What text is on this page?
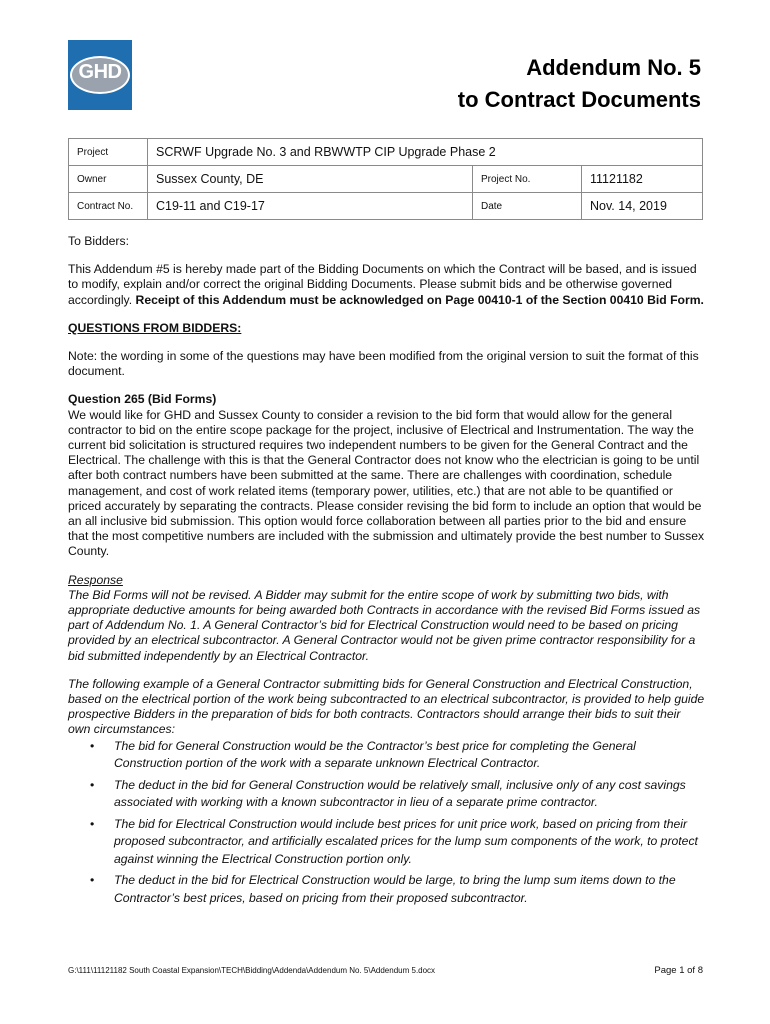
GHD	Addendum No. 5
to Contract Documents
Project	SCRWF Upgrade No. 3 and RBWWTP CIP Upgrade Phase 2		
Owner	Sussex County, DE	Project No.	11121182
Contract No.	C19-11 and C19-17	Date	Nov. 14, 2019

To Bidders:

This Addendum #5 is hereby made part of the Bidding Documents on which the Contract will be based, and is issued to modify, explain and/or correct the original Bidding Documents. Please submit bids and be otherwise governed accordingly. Receipt of this Addendum must be acknowledged on Page 00410-1 of the Section 00410 Bid Form.

QUESTIONS FROM BIDDERS:

Note: the wording in some of the questions may have been modified from the original version to suit the format of this document.

Question 265 (Bid Forms)
We would like for GHD and Sussex County to consider a revision to the bid form that would allow for the general contractor to bid on the entire scope package for the project, inclusive of Electrical and Instrumentation. The way the current bid solicitation is structured requires two independent numbers to be given for the General Contract and the Electrical. The challenge with this is that the General Contractor does not know who the electrician is going to be until after both contract numbers have been submitted at the same. There are challenges with coordination, schedule management, and cost of work related items (temporary power, utilities, etc.) that are not able to be quantified or priced accurately by separating the contracts. Please consider revising the bid form to include an option that would be an all inclusive bid submission. This option would force collaboration between all parties prior to the bid and ensure that the most competitive numbers are included with the submission and ultimately provide the best number to Sussex County.
Response
The Bid Forms will not be revised. A Bidder may submit for the entire scope of work by submitting two bids, with appropriate deductive amounts for being awarded both Contracts in accordance with the revised Bid Forms issued as part of Addendum No. 1. A General Contractor’s bid for Electrical Construction would need to be based on pricing provided by an electrical subcontractor. A General Contractor would not be given prime contractor responsibility for a bid submitted independently by an Electrical Contractor.
The following example of a General Contractor submitting bids for General Construction and Electrical Construction, based on the electrical portion of the work being subcontracted to an electrical subcontractor, is provided to help guide prospective Bidders in the preparation of bids for both contracts. Contractors should arrange their bids to suit their own circumstances:
• The bid for General Construction would be the Contractor’s best price for completing the General Construction portion of the work with a separate unknown Electrical Contractor.
• The deduct in the bid for General Construction would be relatively small, inclusive only of any cost savings associated with working with a known subcontractor in lieu of a separate prime contractor.
• The bid for Electrical Construction would include best prices for unit price work, based on pricing from their proposed subcontractor, and artificially escalated prices for the lump sum components of the work, to protect against winning the Electrical Construction portion only.
• The deduct in the bid for Electrical Construction would be large, to bring the lump sum items down to the Contractor’s best prices, based on pricing from their proposed subcontractor.
G:\111\11121182 South Coastal Expansion\TECH\Bidding\Addenda\Addendum No. 5\Addendum 5.docx	Page 1 of 8
